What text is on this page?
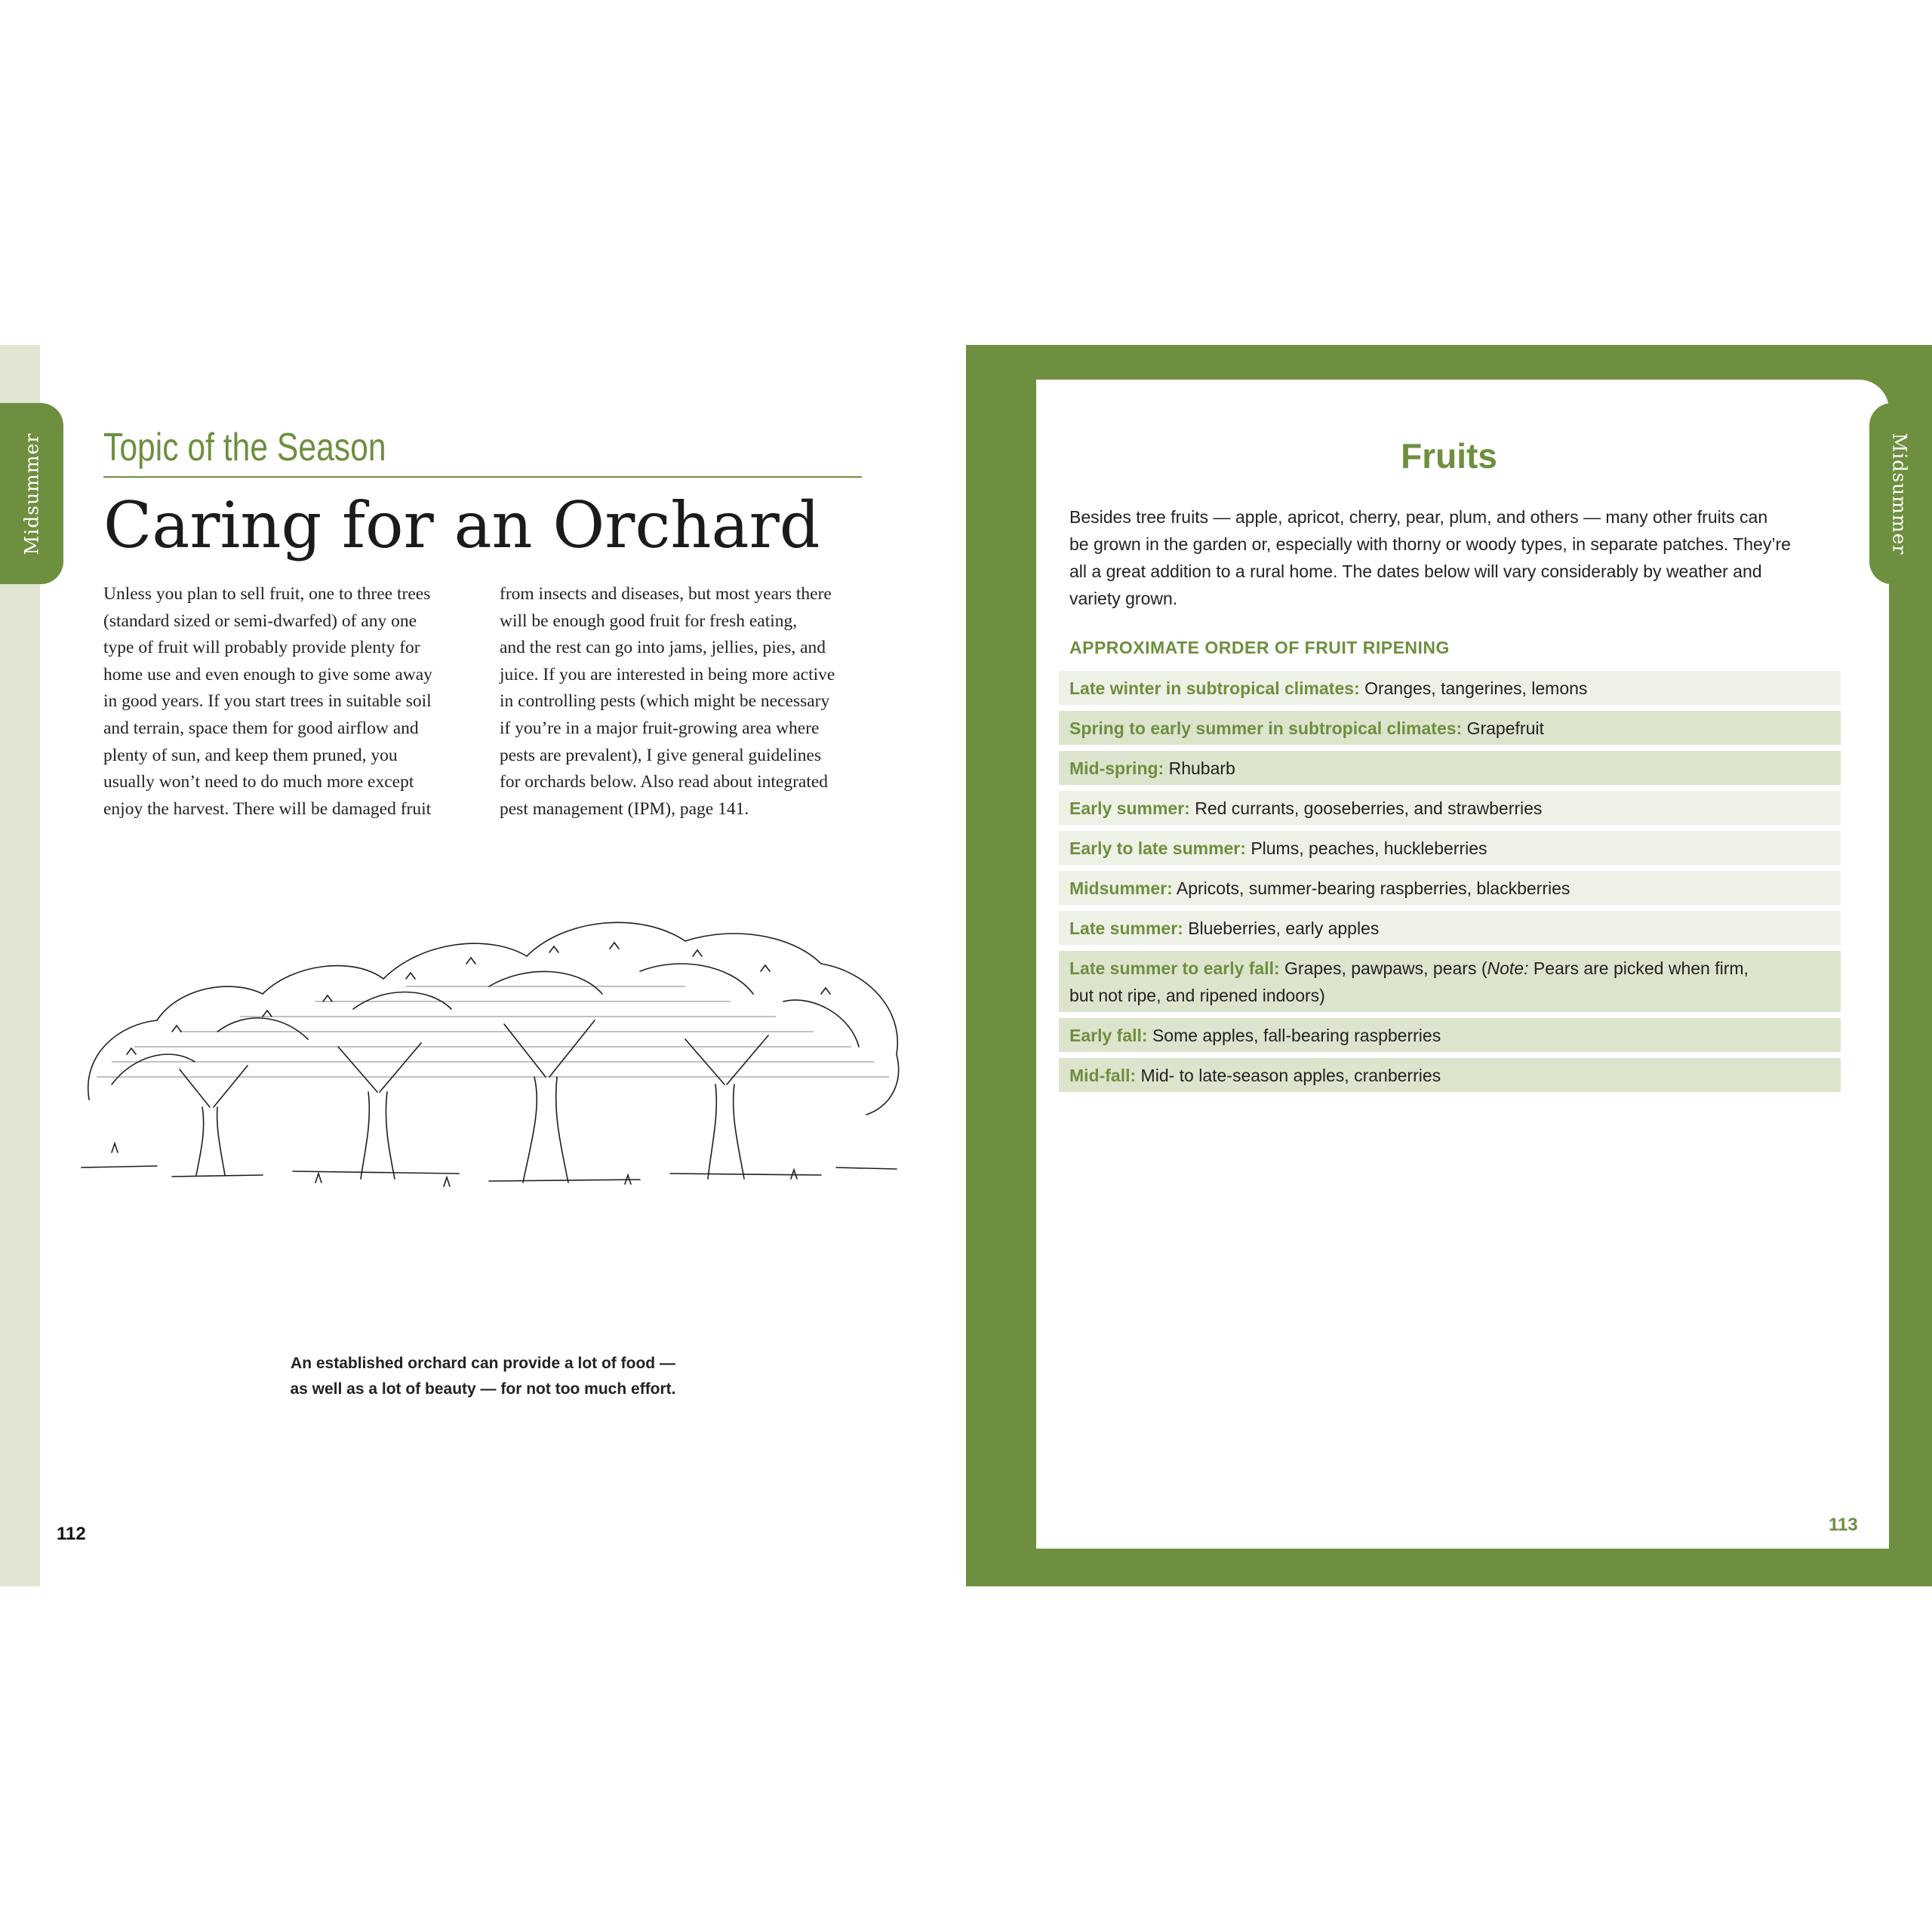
Midsummer Topic of the Season

Caring for an Orchard
Unless you plan to sell fruit, one to three trees
(standard sized or semi-dwarfed) of any one
type of fruit will probably provide plenty for
home use and even enough to give some away
in good years. If you start trees in suitable soil
and terrain, space them for good airflow and
plenty of sun, and keep them pruned, you
usually won’t need to do much more except
enjoy the harvest. There will be damaged fruit
from insects and diseases, but most years there
will be enough good fruit for fresh eating,
and the rest can go into jams, jellies, pies, and
juice. If you are interested in being more active
in controlling pests (which might be necessary
if you’re in a major fruit-growing area where
pests are prevalent), I give general guidelines
for orchards below. Also read about integrated
pest management (IPM), page 141.
An established orchard can provide a lot of food —
as well as a lot of beauty — for not too much effort.
112
Midsummer
Fruits
Besides tree fruits — apple, apricot, cherry, pear, plum, and others — many other fruits can
be grown in the garden or, especially with thorny or woody types, in separate patches. They’re
all a great addition to a rural home. The dates below will vary considerably by weather and
variety grown.

APPROXIMATE ORDER OF FRUIT RIPENING

Late winter in subtropical climates: Oranges, tangerines, lemons
Spring to early summer in subtropical climates: Grapefruit
Mid-spring: Rhubarb
Early summer: Red currants, gooseberries, and strawberries
Early to late summer: Plums, peaches, huckleberries
Midsummer: Apricots, summer-bearing raspberries, blackberries
Late summer: Blueberries, early apples
Late summer to early fall: Grapes, pawpaws, pears (Note: Pears are picked when firm,
but not ripe, and ripened indoors)
Early fall: Some apples, fall-bearing raspberries
Mid-fall: Mid- to late-season apples, cranberries
113
